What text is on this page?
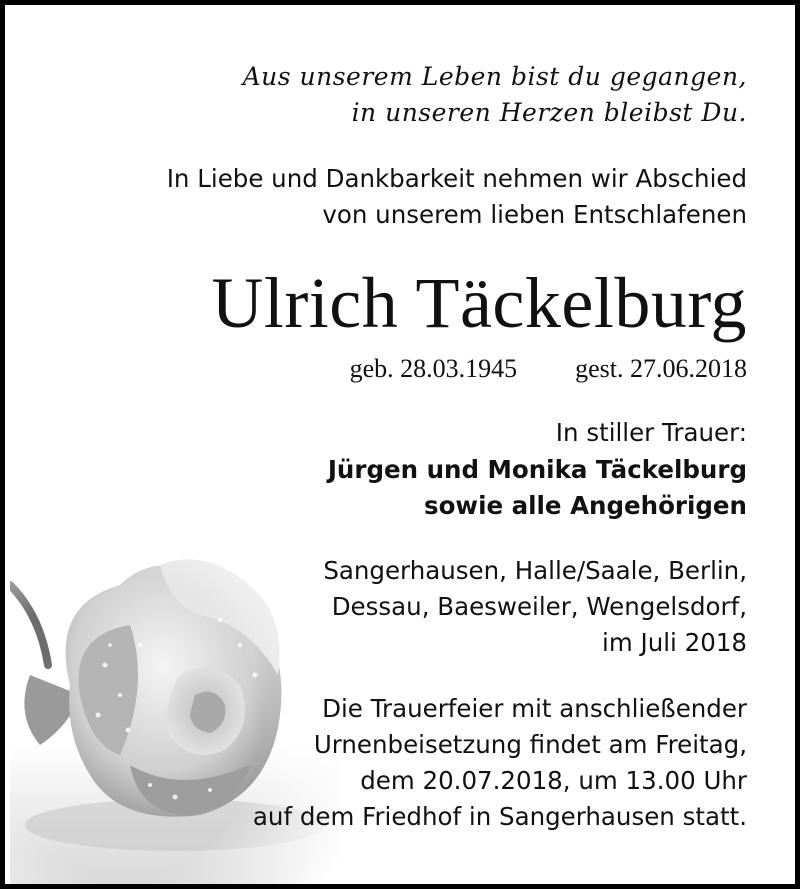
Aus unserem Leben bist du gegangen,
in unseren Herzen bleibst Du.

In Liebe und Dankbarkeit nehmen wir Abschied
von unserem lieben Entschlafenen

Ulrich Täckelburg

geb. 28.03.1945 gest. 27.06.2018

In stiller Trauer:

Jürgen und Monika Täckelburg
sowie alle Angehörigen

Sangerhausen, Halle/Saale, Berlin,
Dessau, Baesweiler, Wengelsdorf,
im Juli 2018

Die Trauerfeier mit anschließender
Urnenbeisetzung findet am Freitag,
dem 20.07.2018, um 13.00 Uhr
auf dem Friedhof in Sangerhausen statt.
